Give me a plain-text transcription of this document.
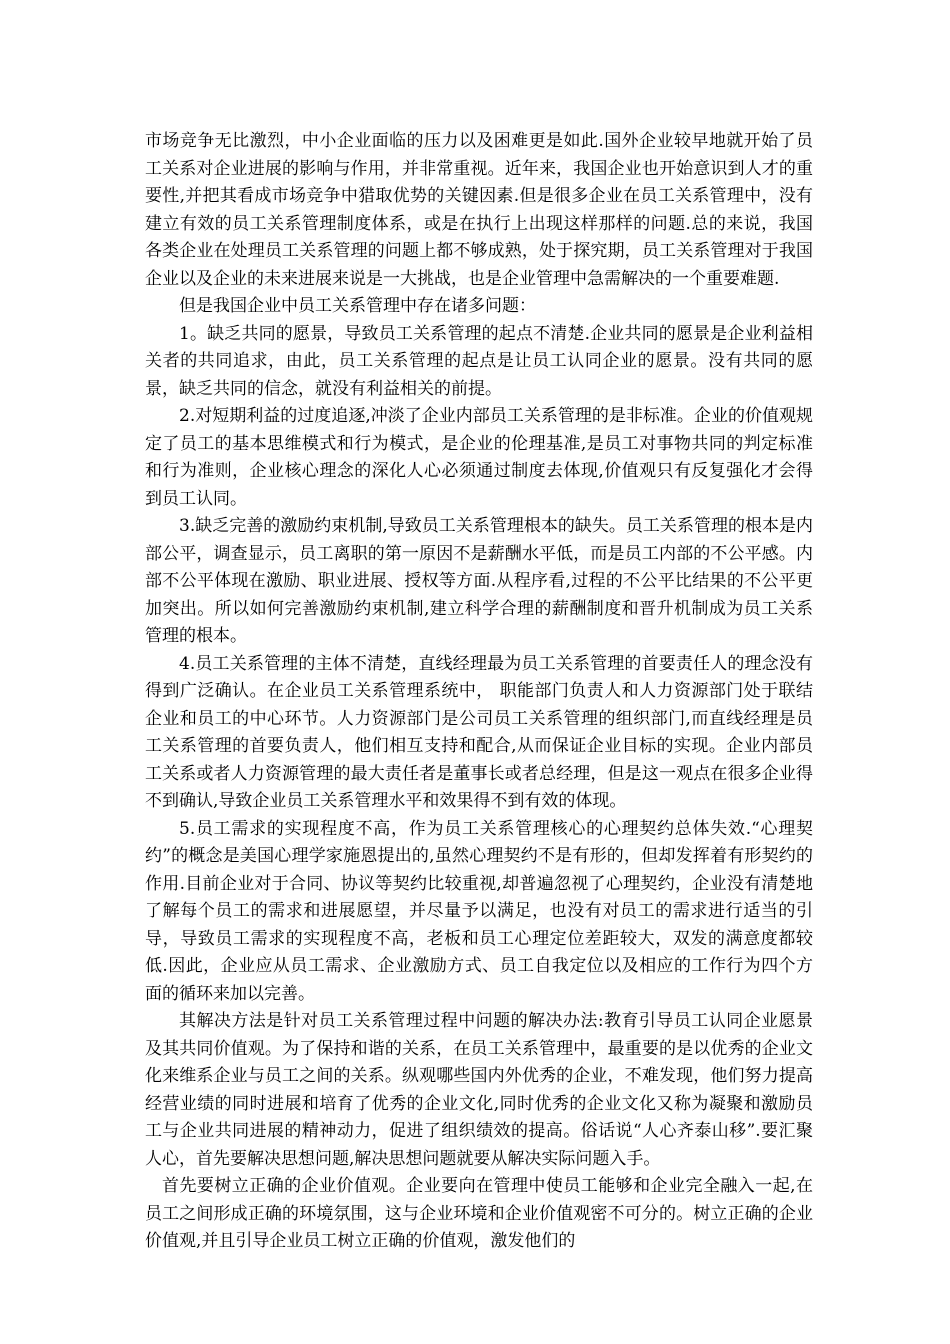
市场竞争无比激烈，中小企业面临的压力以及困难更是如此.国外企业较早地就开始了员工关系对企业进展的影响与作用，并非常重视。近年来，我国企业也开始意识到人才的重要性,并把其看成市场竞争中猎取优势的关键因素.但是很多企业在员工关系管理中，没有建立有效的员工关系管理制度体系，或是在执行上出现这样那样的问题.总的来说，我国各类企业在处理员工关系管理的问题上都不够成熟，处于探究期，员工关系管理对于我国企业以及企业的未来进展来说是一大挑战，也是企业管理中急需解决的一个重要难题.

但是我国企业中员工关系管理中存在诸多问题：

1。缺乏共同的愿景，导致员工关系管理的起点不清楚.企业共同的愿景是企业利益相关者的共同追求，由此，员工关系管理的起点是让员工认同企业的愿景。没有共同的愿景，缺乏共同的信念，就没有利益相关的前提。

2.对短期利益的过度追逐,冲淡了企业内部员工关系管理的是非标准。企业的价值观规定了员工的基本思维模式和行为模式，是企业的伦理基准,是员工对事物共同的判定标准和行为准则，企业核心理念的深化人心必须通过制度去体现,价值观只有反复强化才会得到员工认同。

3.缺乏完善的激励约束机制,导致员工关系管理根本的缺失。员工关系管理的根本是内部公平，调查显示，员工离职的第一原因不是薪酬水平低，而是员工内部的不公平感。内部不公平体现在激励、职业进展、授权等方面.从程序看,过程的不公平比结果的不公平更加突出。所以如何完善激励约束机制,建立科学合理的薪酬制度和晋升机制成为员工关系管理的根本。

4.员工关系管理的主体不清楚，直线经理最为员工关系管理的首要责任人的理念没有得到广泛确认。在企业员工关系管理系统中， 职能部门负责人和人力资源部门处于联结企业和员工的中心环节。人力资源部门是公司员工关系管理的组织部门,而直线经理是员工关系管理的首要负责人，他们相互支持和配合,从而保证企业目标的实现。企业内部员工关系或者人力资源管理的最大责任者是董事长或者总经理，但是这一观点在很多企业得不到确认,导致企业员工关系管理水平和效果得不到有效的体现。

5.员工需求的实现程度不高，作为员工关系管理核心的心理契约总体失效.“心理契约”的概念是美国心理学家施恩提出的,虽然心理契约不是有形的，但却发挥着有形契约的作用.目前企业对于合同、协议等契约比较重视,却普遍忽视了心理契约，企业没有清楚地了解每个员工的需求和进展愿望，并尽量予以满足，也没有对员工的需求进行适当的引导，导致员工需求的实现程度不高，老板和员工心理定位差距较大，双发的满意度都较低.因此，企业应从员工需求、企业激励方式、员工自我定位以及相应的工作行为四个方面的循环来加以完善。

其解决方法是针对员工关系管理过程中问题的解决办法:教育引导员工认同企业愿景及其共同价值观。为了保持和谐的关系，在员工关系管理中，最重要的是以优秀的企业文化来维系企业与员工之间的关系。纵观哪些国内外优秀的企业，不难发现，他们努力提高经营业绩的同时进展和培育了优秀的企业文化,同时优秀的企业文化又称为凝聚和激励员工与企业共同进展的精神动力，促进了组织绩效的提高。俗话说“人心齐泰山移”.要汇聚人心，首先要解决思想问题,解决思想问题就要从解决实际问题入手。

首先要树立正确的企业价值观。企业要向在管理中使员工能够和企业完全融入一起,在员工之间形成正确的环境氛围，这与企业环境和企业价值观密不可分的。树立正确的企业价值观,并且引导企业员工树立正确的价值观，激发他们的
